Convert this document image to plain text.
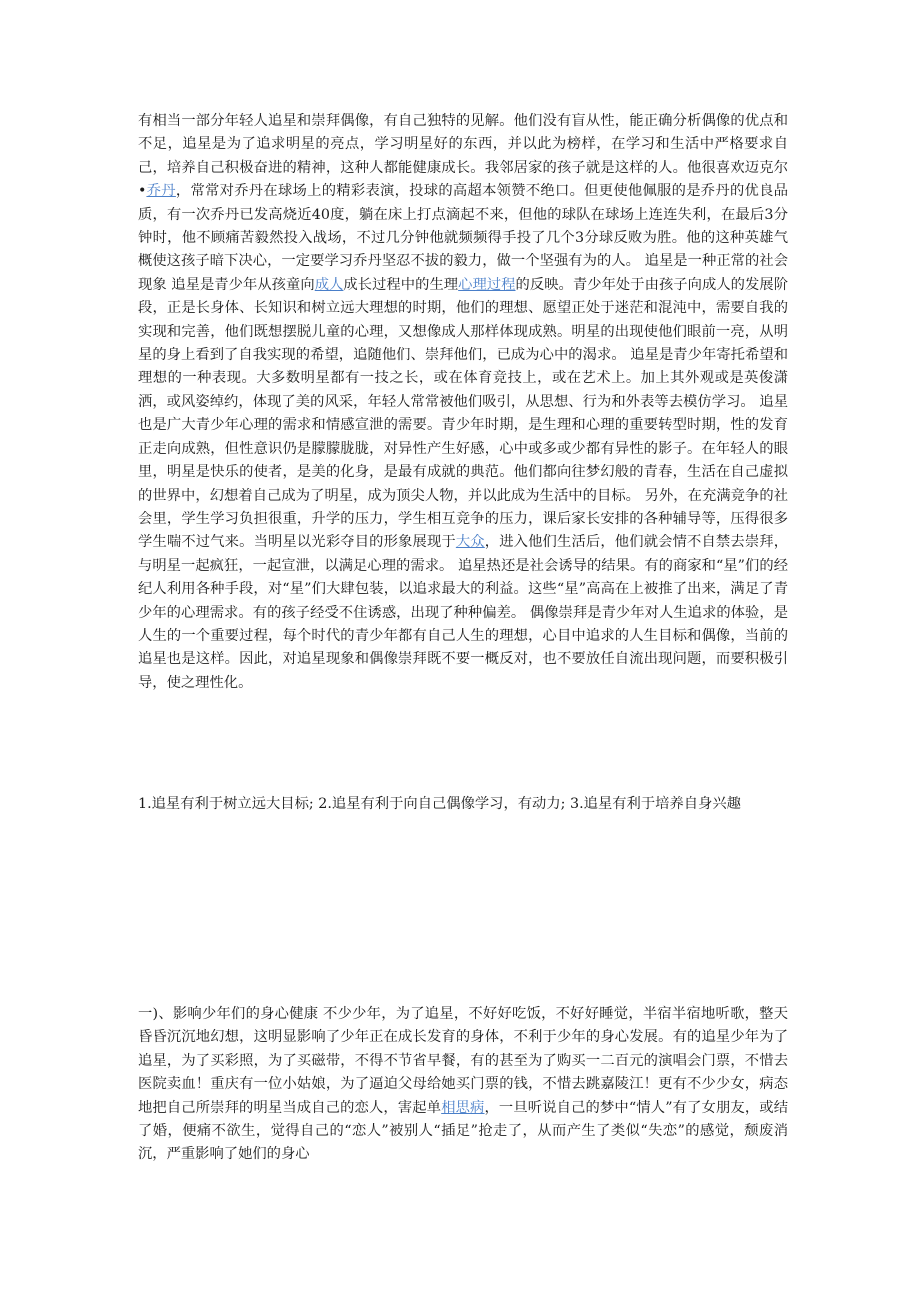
有相当一部分年轻人追星和崇拜偶像，有自己独特的见解。他们没有盲从性，能正确分析偶像的优点和不足，追星是为了追求明星的亮点，学习明星好的东西，并以此为榜样，在学习和生活中严格要求自己，培养自己积极奋进的精神，这种人都能健康成长。我邻居家的孩子就是这样的人。他很喜欢迈克尔•乔丹，常常对乔丹在球场上的精彩表演，投球的高超本领赞不绝口。但更使他佩服的是乔丹的优良品质，有一次乔丹已发高烧近40度，躺在床上打点滴起不来，但他的球队在球场上连连失利，在最后3分钟时，他不顾痛苦毅然投入战场，不过几分钟他就频频得手投了几个3分球反败为胜。他的这种英雄气概使这孩子暗下决心，一定要学习乔丹坚忍不拔的毅力，做一个坚强有为的人。 追星是一种正常的社会现象 追星是青少年从孩童向成人成长过程中的生理心理过程的反映。青少年处于由孩子向成人的发展阶段，正是长身体、长知识和树立远大理想的时期，他们的理想、愿望正处于迷茫和混沌中，需要自我的实现和完善，他们既想摆脱儿童的心理，又想像成人那样体现成熟。明星的出现使他们眼前一亮，从明星的身上看到了自我实现的希望，追随他们、崇拜他们，已成为心中的渴求。 追星是青少年寄托希望和理想的一种表现。大多数明星都有一技之长，或在体育竞技上，或在艺术上。加上其外观或是英俊潇洒，或风姿绰约，体现了美的风采，年轻人常常被他们吸引，从思想、行为和外表等去模仿学习。 追星也是广大青少年心理的需求和情感宣泄的需要。青少年时期，是生理和心理的重要转型时期，性的发育正走向成熟，但性意识仍是朦朦胧胧，对异性产生好感，心中或多或少都有异性的影子。在年轻人的眼里，明星是快乐的使者，是美的化身，是最有成就的典范。他们都向往梦幻般的青春，生活在自己虚拟的世界中，幻想着自己成为了明星，成为顶尖人物，并以此成为生活中的目标。 另外，在充满竞争的社会里，学生学习负担很重，升学的压力，学生相互竞争的压力，课后家长安排的各种辅导等，压得很多学生喘不过气来。当明星以光彩夺目的形象展现于大众，进入他们生活后，他们就会情不自禁去崇拜，与明星一起疯狂，一起宣泄，以满足心理的需求。 追星热还是社会诱导的结果。有的商家和“星”们的经纪人利用各种手段，对“星”们大肆包装，以追求最大的利益。这些“星”高高在上被推了出来，满足了青少年的心理需求。有的孩子经受不住诱惑，出现了种种偏差。 偶像崇拜是青少年对人生追求的体验，是人生的一个重要过程，每个时代的青少年都有自己人生的理想，心目中追求的人生目标和偶像，当前的追星也是这样。因此，对追星现象和偶像崇拜既不要一概反对，也不要放任自流出现问题，而要积极引导，使之理性化。

1.追星有利于树立远大目标; 2.追星有利于向自己偶像学习，有动力; 3.追星有利于培养自身兴趣

一)、影响少年们的身心健康 不少少年，为了追星，不好好吃饭，不好好睡觉，半宿半宿地听歌，整天昏昏沉沉地幻想，这明显影响了少年正在成长发育的身体，不利于少年的身心发展。有的追星少年为了追星，为了买彩照，为了买磁带，不得不节省早餐，有的甚至为了购买一二百元的演唱会门票，不惜去医院卖血！重庆有一位小姑娘，为了逼迫父母给她买门票的钱，不惜去跳嘉陵江！更有不少少女，病态地把自己所崇拜的明星当成自己的恋人，害起单相思病，一旦听说自己的梦中“情人”有了女朋友，或结了婚，便痛不欲生，觉得自己的“恋人”被别人“插足”抢走了，从而产生了类似“失恋”的感觉，颓废消沉，严重影响了她们的身心
